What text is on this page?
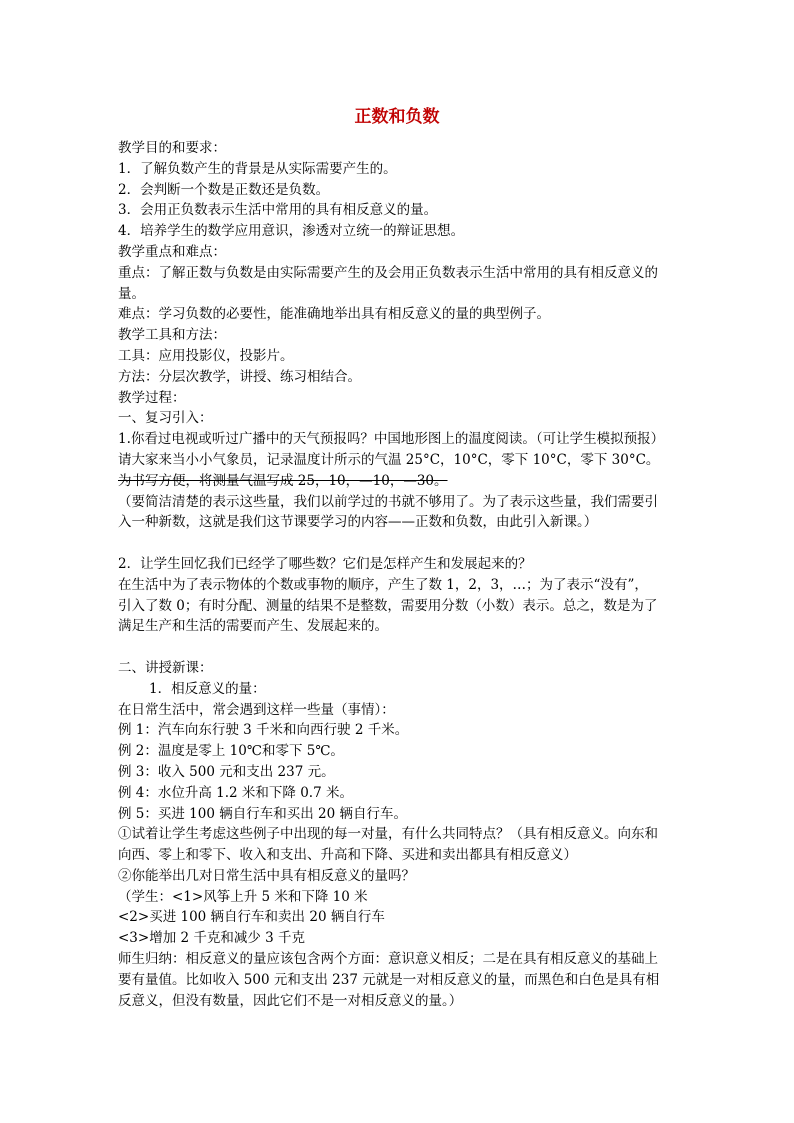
正数和负数
教学目的和要求：
1．了解负数产生的背景是从实际需要产生的。
2．会判断一个数是正数还是负数。
3．会用正负数表示生活中常用的具有相反意义的量。
4．培养学生的数学应用意识，渗透对立统一的辩证思想。
教学重点和难点：
重点：了解正数与负数是由实际需要产生的及会用正负数表示生活中常用的具有相反意义的
量。
难点：学习负数的必要性，能准确地举出具有相反意义的量的典型例子。
教学工具和方法：
工具：应用投影仪，投影片。
方法：分层次教学，讲授、练习相结合。
教学过程：
一、复习引入：
1.你看过电视或听过广播中的天气预报吗？中国地形图上的温度阅读。（可让学生模拟预报）
请大家来当小小气象员，记录温度计所示的气温 25°C，10°C，零下 10°C，零下 30°C。
为书写方便，将测量气温写成 25，10，—10，—30。
（要简洁清楚的表示这些量，我们以前学过的书就不够用了。为了表示这些量，我们需要引
入一种新数，这就是我们这节课要学习的内容——正数和负数，由此引入新课。）
2．让学生回忆我们已经学了哪些数？它们是怎样产生和发展起来的？
在生活中为了表示物体的个数或事物的顺序，产生了数 1，2，3，…；为了表示“没有”，
引入了数 0；有时分配、测量的结果不是整数，需要用分数（小数）表示。总之，数是为了
满足生产和生活的需要而产生、发展起来的。
二、讲授新课：
1．相反意义的量：
在日常生活中，常会遇到这样一些量（事情）：
例 1：汽车向东行驶 3 千米和向西行驶 2 千米。
例 2：温度是零上 10℃和零下 5℃。
例 3：收入 500 元和支出 237 元。
例 4：水位升高 1.2 米和下降 0.7 米。
例 5：买进 100 辆自行车和买出 20 辆自行车。
①试着让学生考虑这些例子中出现的每一对量，有什么共同特点？（具有相反意义。向东和
向西、零上和零下、收入和支出、升高和下降、买进和卖出都具有相反意义）
②你能举出几对日常生活中具有相反意义的量吗？
（学生：<1>风筝上升 5 米和下降 10 米
<2>买进 100 辆自行车和卖出 20 辆自行车
<3>增加 2 千克和减少 3 千克
师生归纳：相反意义的量应该包含两个方面：意识意义相反；二是在具有相反意义的基础上
要有量值。比如收入 500 元和支出 237 元就是一对相反意义的量，而黑色和白色是具有相
反意义，但没有数量，因此它们不是一对相反意义的量。）
